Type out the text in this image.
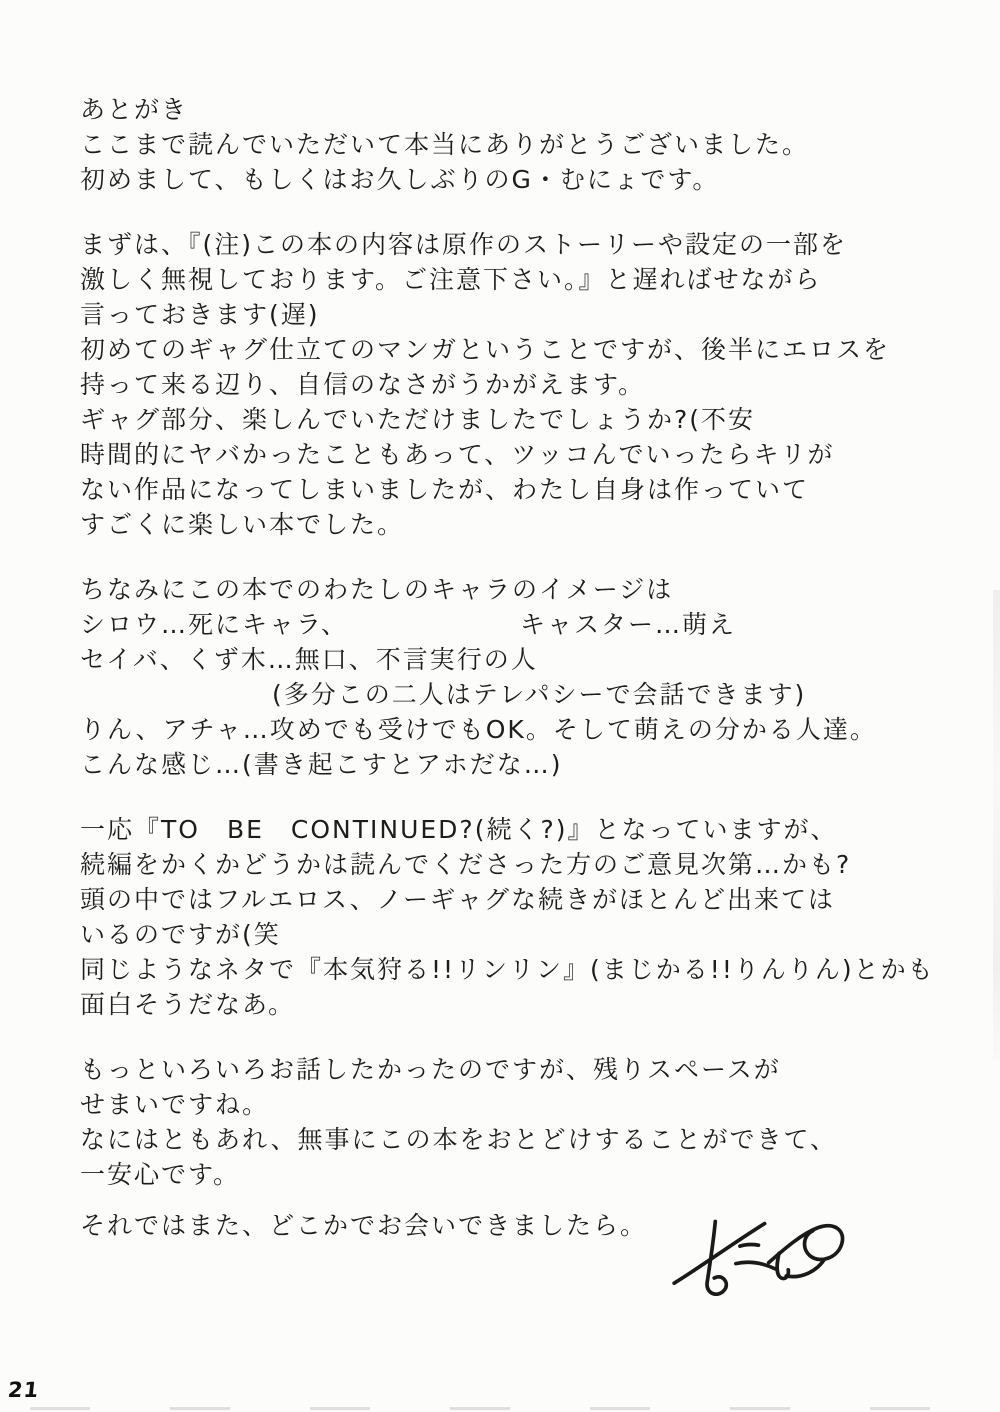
あとがき
ここまで読んでいただいて本当にありがとうございました。
初めまして、もしくはお久しぶりのG・むにょです。
まずは、『(注)この本の内容は原作のストーリーや設定の一部を
激しく無視しております。ご注意下さい。』と遅ればせながら
言っておきます(遅)
初めてのギャグ仕立てのマンガということですが、後半にエロスを
持って来る辺り、自信のなさがうかがえます。
ギャグ部分、楽しんでいただけましたでしょうか?(不安
時間的にヤバかったこともあって、ツッコんでいったらキリが
ない作品になってしまいましたが、わたし自身は作っていて
すごくに楽しい本でした。
ちなみにこの本でのわたしのキャラのイメージは
シロウ…死にキャラ、	キャスター…萌え
セイバ、くず木…無口、不言実行の人
(多分この二人はテレパシーで会話できます)
りん、アチャ…攻めでも受けでもOK。そして萌えの分かる人達。
こんな感じ…(書き起こすとアホだな…)
一応『TO　BE　CONTINUED?(続く?)』となっていますが、
続編をかくかどうかは読んでくださった方のご意見次第…かも?
頭の中ではフルエロス、ノーギャグな続きがほとんど出来ては
いるのですが(笑
同じようなネタで『本気狩る!!リンリン』(まじかる!!りんりん)とかも
面白そうだなあ。
もっといろいろお話したかったのですが、残りスペースが
せまいですね。
なにはともあれ、無事にこの本をおとどけすることができて、
一安心です。
それではまた、どこかでお会いできましたら。
21
